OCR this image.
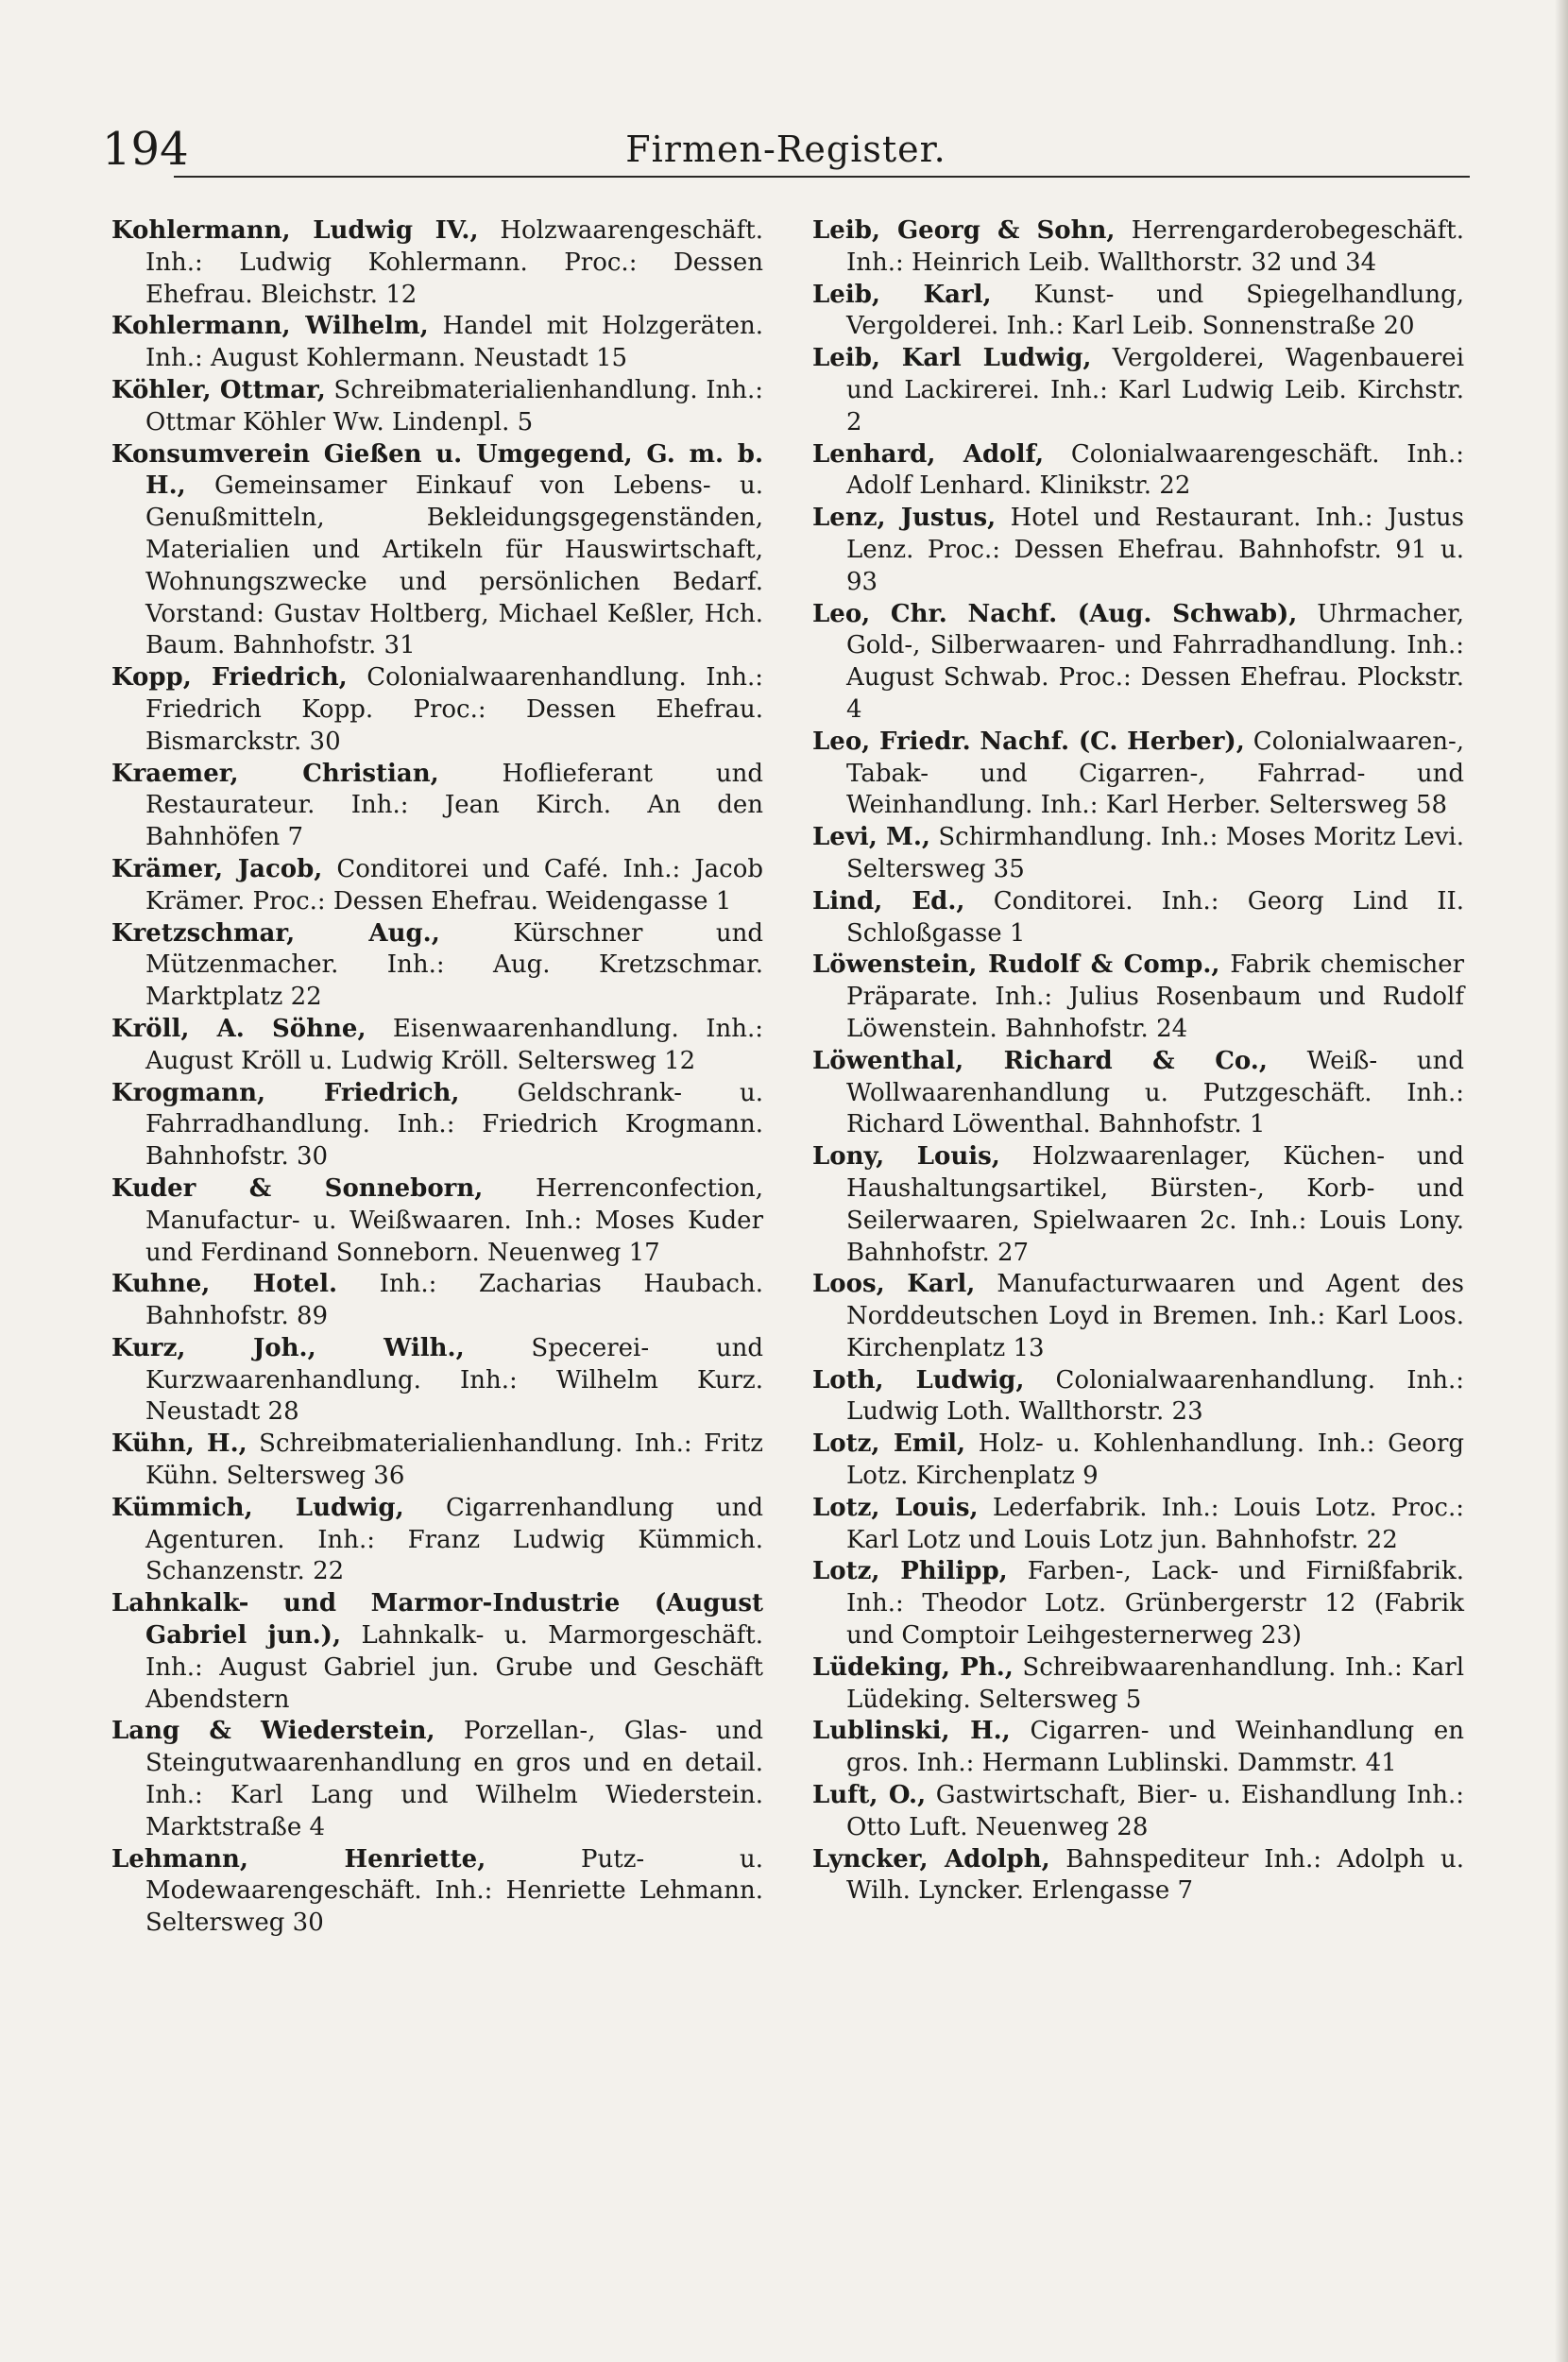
194	Firmen-Register.

Kohlermann, Ludwig IV., Holzwaarengeschäft. Inh.: Ludwig Kohlermann. Proc.: Dessen Ehefrau. Bleichstr. 12

Kohlermann, Wilhelm, Handel mit Holzgeräten. Inh.: August Kohlermann. Neustadt 15

Köhler, Ottmar, Schreibmaterialienhandlung. Inh.: Ottmar Köhler Ww. Lindenpl. 5

Konsumverein Gießen u. Umgegend, G. m. b. H., Gemeinsamer Einkauf von Lebens- u. Genußmitteln, Bekleidungsgegenständen, Materialien und Artikeln für Hauswirtschaft, Wohnungszwecke und persönlichen Bedarf. Vorstand: Gustav Holtberg, Michael Keßler, Hch. Baum. Bahnhofstr. 31

Kopp, Friedrich, Colonialwaarenhandlung. Inh.: Friedrich Kopp. Proc.: Dessen Ehefrau. Bismarckstr. 30

Kraemer, Christian,	Hoflieferant und Restaurateur. Inh.: Jean Kirch. An den Bahnhöfen 7

Krämer, Jacob, Conditorei und Café. Inh.: Jacob Krämer. Proc.: Dessen Ehefrau. Weidengasse 1

Kretzschmar, Aug.,	Kürschner und Mützenmacher. Inh.: Aug. Kretzschmar. Marktplatz 22

Kröll, A. Söhne, Eisenwaarenhandlung. Inh.: August Kröll u. Ludwig Kröll. Seltersweg 12

Krogmann, Friedrich, Geldschrank- u. Fahrradhandlung. Inh.: Friedrich Krogmann. Bahnhofstr. 30

Kuder & Sonneborn, Herrenconfection, Manufactur- u. Weißwaaren. Inh.: Moses Kuder und Ferdinand Sonneborn. Neuenweg 17

Kuhne, Hotel. Inh.: Zacharias Haubach. Bahnhofstr. 89

Kurz, Joh., Wilh.,	Specerei- und Kurzwaarenhandlung. Inh.: Wilhelm Kurz. Neustadt 28

Kühn, H., Schreibmaterialienhandlung. Inh.: Fritz Kühn. Seltersweg 36

Kümmich, Ludwig, Cigarrenhandlung und Agenturen. Inh.: Franz Ludwig Kümmich. Schanzenstr. 22

Lahnkalk- und Marmor-Industrie (August Gabriel jun.), Lahnkalk- u. Marmorgeschäft. Inh.: August Gabriel jun. Grube und Geschäft Abendstern

Lang & Wiederstein, Porzellan-, Glas- und Steingutwaarenhandlung en gros und en detail. Inh.: Karl Lang und Wilhelm Wiederstein. Marktstraße 4

Lehmann, Henriette,	Putz- u. Modewaarengeschäft. Inh.: Henriette Lehmann. Seltersweg 30

Leib, Georg & Sohn, Herrengarderobegeschäft. Inh.: Heinrich Leib. Wallthorstr. 32 und 34

Leib, Karl, Kunst- und Spiegelhandlung, Vergolderei. Inh.: Karl Leib. Sonnenstraße 20

Leib, Karl Ludwig, Vergolderei, Wagenbauerei und Lackirerei. Inh.: Karl Ludwig Leib. Kirchstr. 2

Lenhard, Adolf, Colonialwaarengeschäft. Inh.: Adolf Lenhard. Klinikstr. 22

Lenz, Justus, Hotel und Restaurant. Inh.: Justus Lenz. Proc.: Dessen Ehefrau. Bahnhofstr. 91 u. 93

Leo, Chr. Nachf. (Aug. Schwab), Uhrmacher, Gold-, Silberwaaren- und Fahrradhandlung. Inh.: August Schwab. Proc.: Dessen Ehefrau. Plockstr. 4

Leo, Friedr. Nachf. (C. Herber), Colonialwaaren-, Tabak- und Cigarren-, Fahrrad- und Weinhandlung. Inh.: Karl Herber. Seltersweg 58

Levi, M., Schirmhandlung. Inh.: Moses Moritz Levi. Seltersweg 35

Lind, Ed., Conditorei. Inh.: Georg Lind II. Schloßgasse 1

Löwenstein, Rudolf & Comp., Fabrik chemischer Präparate. Inh.: Julius Rosenbaum und Rudolf Löwenstein. Bahnhofstr. 24

Löwenthal, Richard & Co., Weiß- und Wollwaarenhandlung u. Putzgeschäft. Inh.: Richard Löwenthal. Bahnhofstr. 1

Lony, Louis, Holzwaarenlager, Küchen- und Haushaltungsartikel, Bürsten-, Korb- und Seilerwaaren, Spielwaaren 2c. Inh.: Louis Lony. Bahnhofstr. 27

Loos, Karl, Manufacturwaaren und Agent des Norddeutschen Loyd in Bremen. Inh.: Karl Loos. Kirchenplatz 13

Loth, Ludwig, Colonialwaarenhandlung. Inh.: Ludwig Loth. Wallthorstr. 23

Lotz, Emil, Holz- u. Kohlenhandlung. Inh.: Georg Lotz. Kirchenplatz 9

Lotz, Louis, Lederfabrik. Inh.: Louis Lotz. Proc.: Karl Lotz und Louis Lotz jun. Bahnhofstr. 22

Lotz, Philipp, Farben-, Lack- und Firnißfabrik. Inh.: Theodor Lotz. Grünbergerstr 12 (Fabrik und Comptoir Leihgesternerweg 23)

Lüdeking, Ph., Schreibwaarenhandlung. Inh.: Karl Lüdeking. Seltersweg 5

Lublinski, H., Cigarren- und Weinhandlung en gros. Inh.: Hermann Lublinski. Dammstr. 41

Luft, O., Gastwirtschaft, Bier- u. Eishandlung Inh.: Otto Luft. Neuenweg 28

Lyncker, Adolph, Bahnspediteur Inh.: Adolph u. Wilh. Lyncker. Erlengasse 7
